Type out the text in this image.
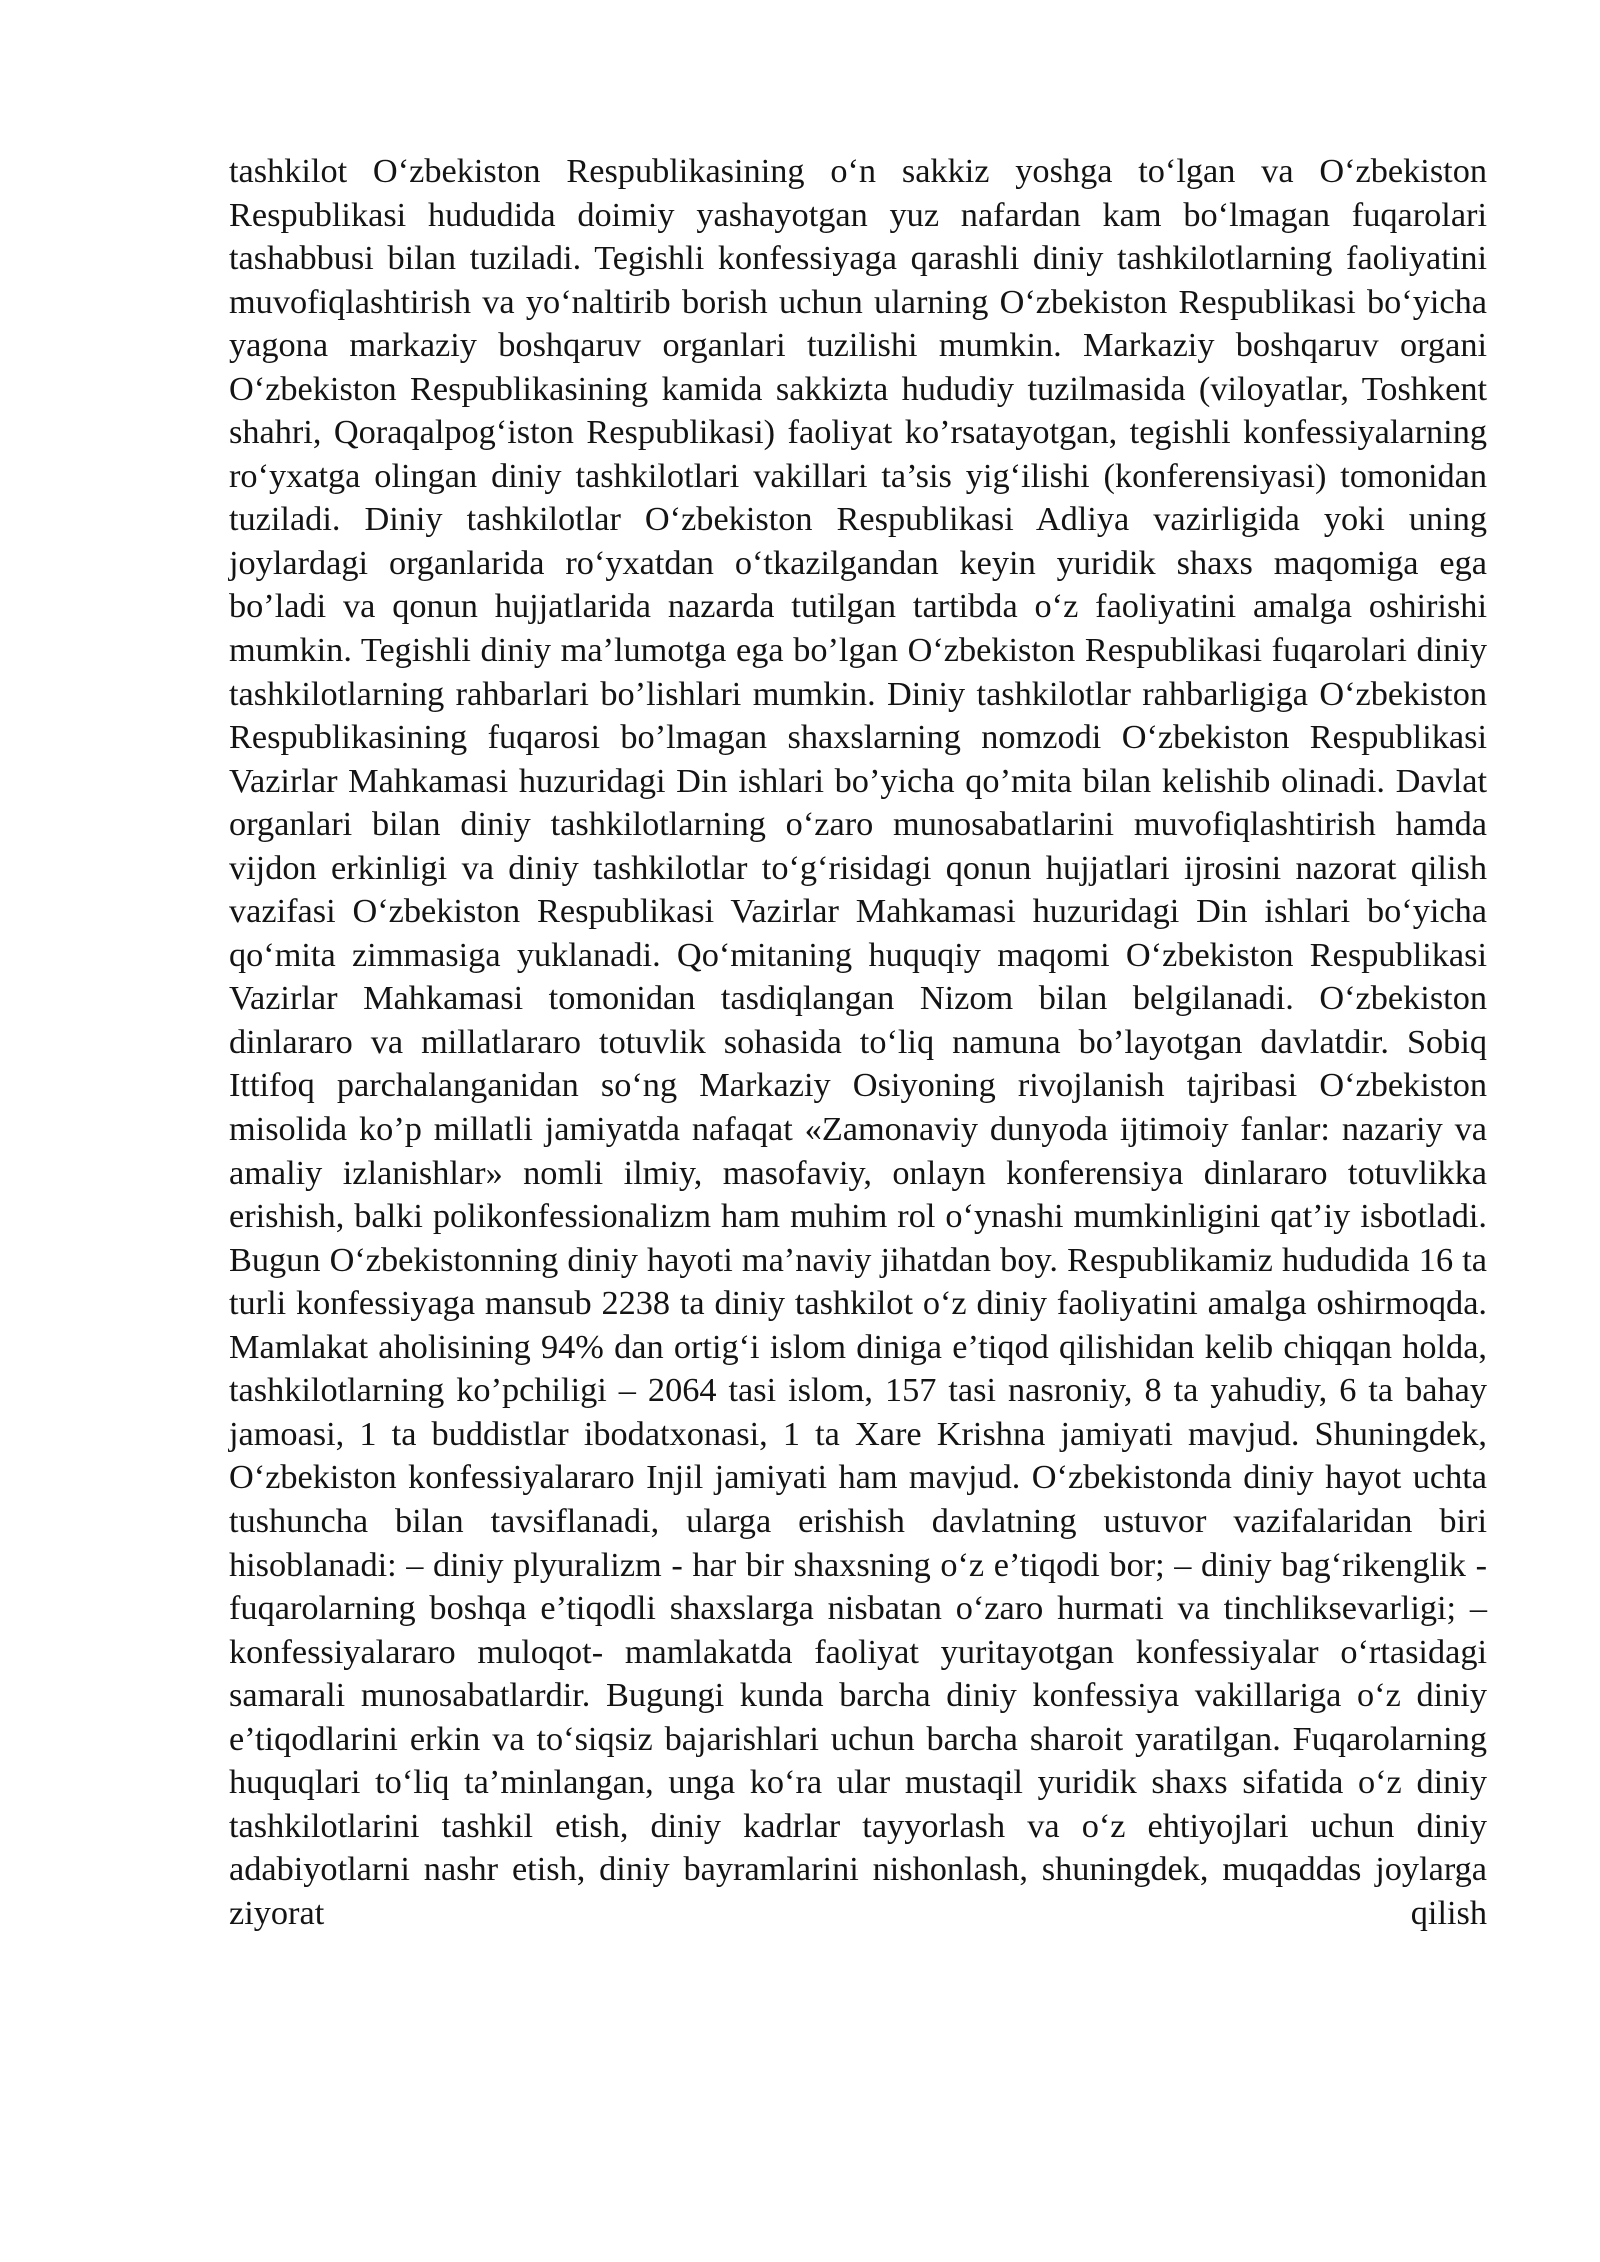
tashkilot O‘zbekiston Respublikasining o‘n sakkiz yoshga to‘lgan va O‘zbekiston Respublikasi hududida doimiy yashayotgan yuz nafardan kam bo‘lmagan fuqarolari tashabbusi bilan tuziladi. Tegishli konfessiyaga qarashli diniy tashkilotlarning faoliyatini muvofiqlashtirish va yo‘naltirib borish uchun ularning O‘zbekiston Respublikasi bo‘yicha yagona markaziy boshqaruv organlari tuzilishi mumkin. Markaziy boshqaruv organi O‘zbekiston Respublikasining kamida sakkizta hududiy tuzilmasida (viloyatlar, Toshkent shahri, Qoraqalpog‘iston Respublikasi) faoliyat ko’rsatayotgan, tegishli konfessiyalarning ro‘yxatga olingan diniy tashkilotlari vakillari ta’sis yig‘ilishi (konferensiyasi) tomonidan tuziladi. Diniy tashkilotlar O‘zbekiston Respublikasi Adliya vazirligida yoki uning joylardagi organlarida ro‘yxatdan o‘tkazilgandan keyin yuridik shaxs maqomiga ega bo’ladi va qonun hujjatlarida nazarda tutilgan tartibda o‘z faoliyatini amalga oshirishi mumkin. Tegishli diniy ma’lumotga ega bo’lgan O‘zbekiston Respublikasi fuqarolari diniy tashkilotlarning rahbarlari bo’lishlari mumkin. Diniy tashkilotlar rahbarligiga O‘zbekiston Respublikasining fuqarosi bo’lmagan shaxslarning nomzodi O‘zbekiston Respublikasi Vazirlar Mahkamasi huzuridagi Din ishlari bo’yicha qo’mita bilan kelishib olinadi. Davlat organlari bilan diniy tashkilotlarning o‘zaro munosabatlarini muvofiqlashtirish hamda vijdon erkinligi va diniy tashkilotlar to‘g‘risidagi qonun hujjatlari ijrosini nazorat qilish vazifasi O‘zbekiston Respublikasi Vazirlar Mahkamasi huzuridagi Din ishlari bo‘yicha qo‘mita zimmasiga yuklanadi. Qo‘mitaning huquqiy maqomi O‘zbekiston Respublikasi Vazirlar Mahkamasi tomonidan tasdiqlangan Nizom bilan belgilanadi. O‘zbekiston dinlararo va millatlararo totuvlik sohasida to‘liq namuna bo’layotgan davlatdir. Sobiq Ittifoq parchalanganidan so‘ng Markaziy Osiyoning rivojlanish tajribasi O‘zbekiston misolida ko’p millatli jamiyatda nafaqat «Zamonaviy dunyoda ijtimoiy fanlar: nazariy va amaliy izlanishlar» nomli ilmiy, masofaviy, onlayn konferensiya dinlararo totuvlikka erishish, balki polikonfessionalizm ham muhim rol o‘ynashi mumkinligini qat’iy isbotladi. Bugun O‘zbekistonning diniy hayoti ma’naviy jihatdan boy. Respublikamiz hududida 16 ta turli konfessiyaga mansub 2238 ta diniy tashkilot o‘z diniy faoliyatini amalga oshirmoqda. Mamlakat aholisining 94% dan ortig‘i islom diniga e’tiqod qilishidan kelib chiqqan holda, tashkilotlarning ko’pchiligi – 2064 tasi islom, 157 tasi nasroniy, 8 ta yahudiy, 6 ta bahay jamoasi, 1 ta buddistlar ibodatxonasi, 1 ta Xare Krishna jamiyati mavjud. Shuningdek, O‘zbekiston konfessiyalararo Injil jamiyati ham mavjud. O‘zbekistonda diniy hayot uchta tushuncha bilan tavsiflanadi, ularga erishish davlatning ustuvor vazifalaridan biri hisoblanadi: – diniy plyuralizm - har bir shaxsning o‘z e’tiqodi bor; – diniy bag‘rikenglik - fuqarolarning boshqa e’tiqodli shaxslarga nisbatan o‘zaro hurmati va tinchliksevarligi; – konfessiyalararo muloqot- mamlakatda faoliyat yuritayotgan konfessiyalar o‘rtasidagi samarali munosabatlardir. Bugungi kunda barcha diniy konfessiya vakillariga o‘z diniy e’tiqodlarini erkin va to‘siqsiz bajarishlari uchun barcha sharoit yaratilgan. Fuqarolarning huquqlari to‘liq ta’minlangan, unga ko‘ra ular mustaqil yuridik shaxs sifatida o‘z diniy tashkilotlarini tashkil etish, diniy kadrlar tayyorlash va o‘z ehtiyojlari uchun diniy adabiyotlarni nashr etish, diniy bayramlarini nishonlash, shuningdek, muqaddas joylarga ziyorat qilish
